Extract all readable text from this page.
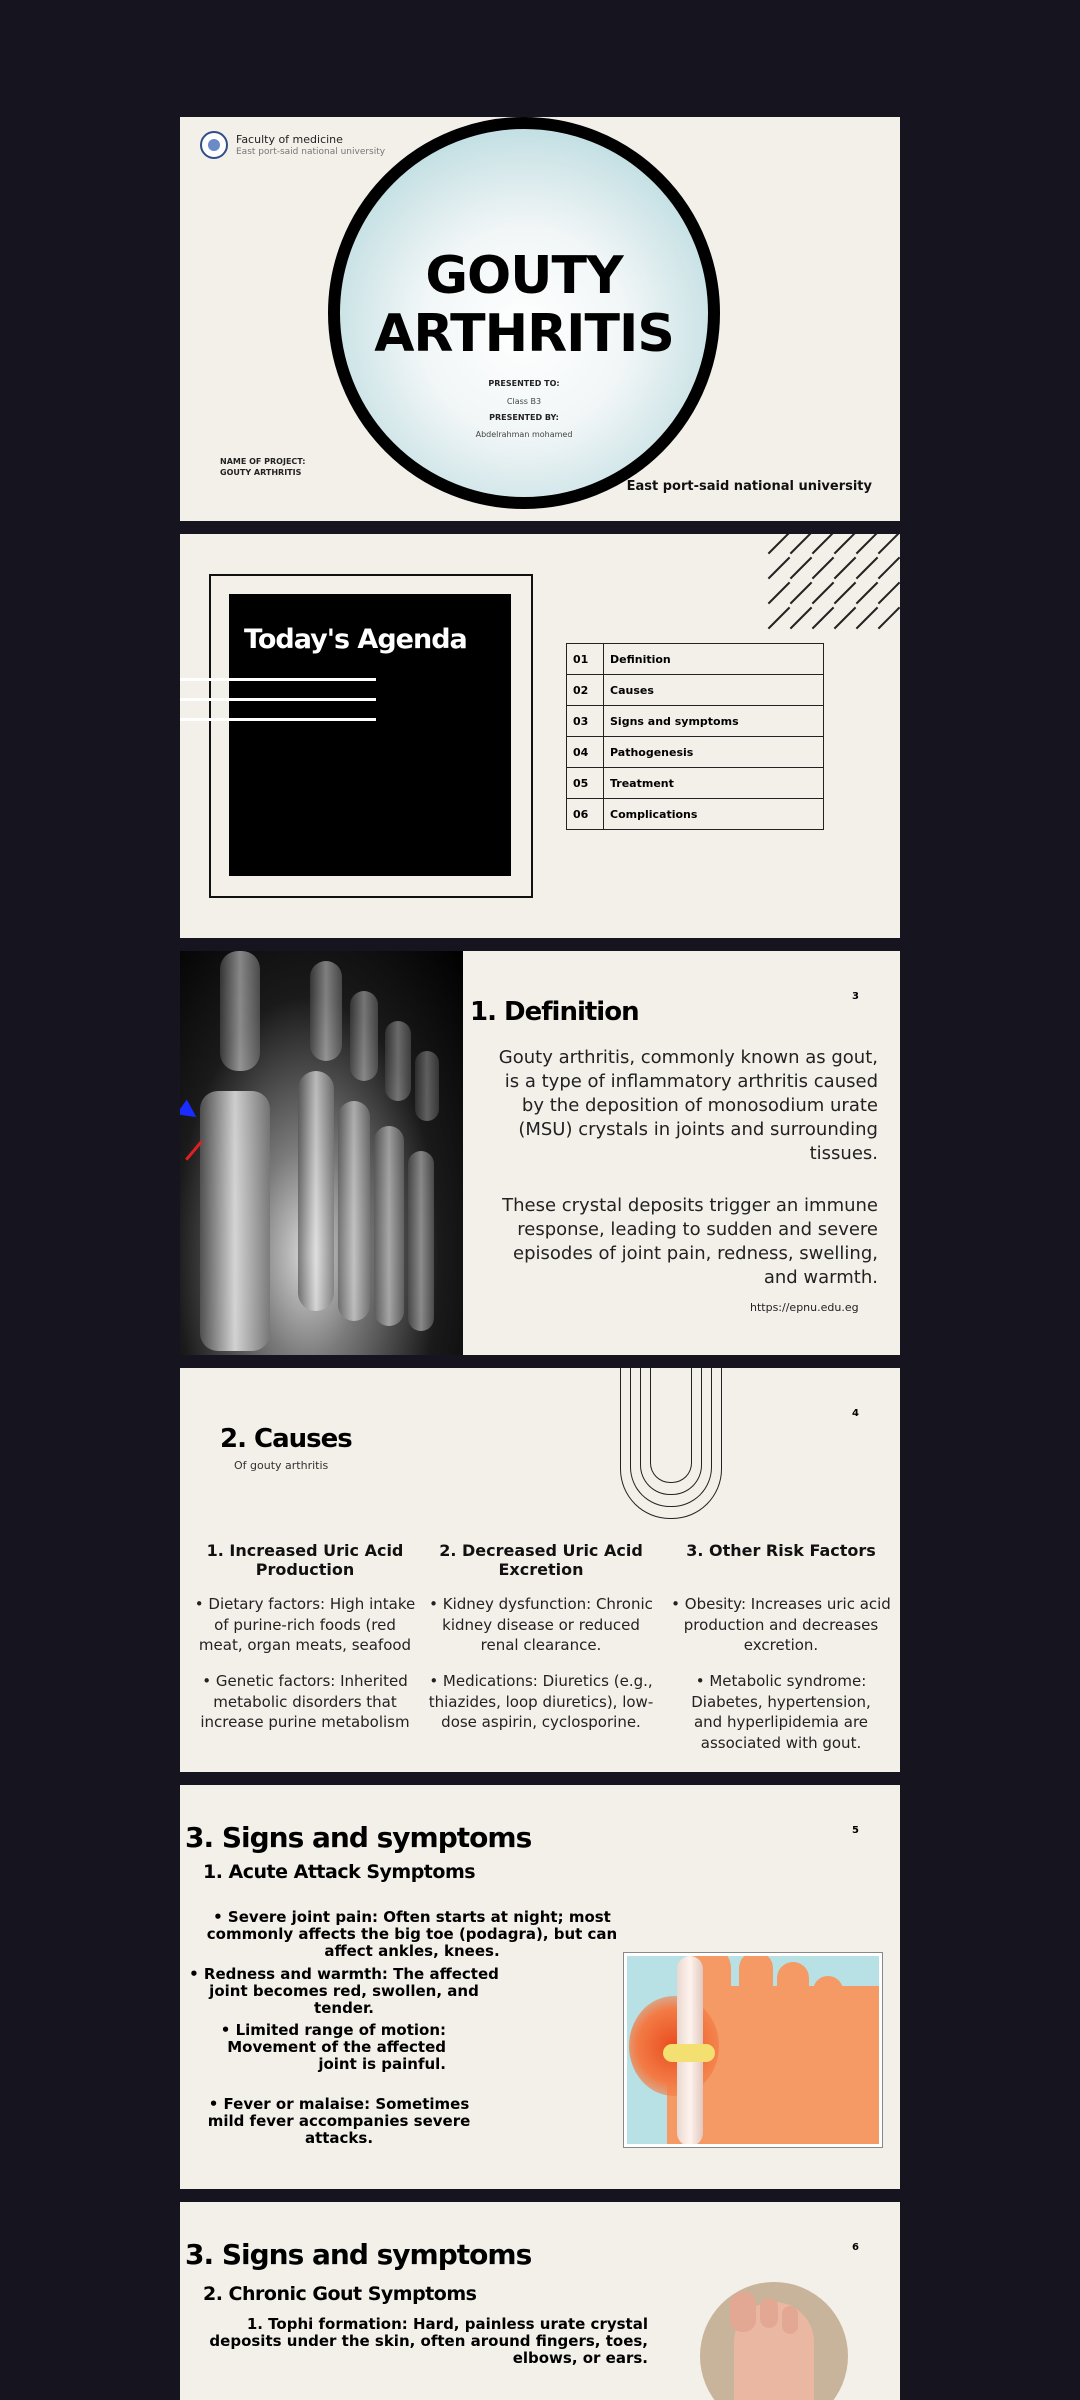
Faculty of medicine
East port-said national university
GOUTY
ARTHRITIS
PRESENTED TO:
Class B3
PRESENTED BY:
Abdelrahman mohamed
NAME OF PROJECT:
GOUTY ARTHRITIS
East port-said national university
Today's Agenda
01	Definition
02	Causes
03	Signs and symptoms
04	Pathogenesis
05	Treatment
06	Complications
3
1. Definition
Gouty arthritis, commonly known as gout, is a type of inflammatory arthritis caused by the deposition of monosodium urate (MSU) crystals in joints and surrounding tissues.
These crystal deposits trigger an immune response, leading to sudden and severe episodes of joint pain, redness, swelling, and warmth.
https://epnu.edu.eg
4
2. Causes
Of gouty arthritis
1. Increased Uric Acid Production
• Dietary factors: High intake of purine-rich foods (red meat, organ meats, seafood
• Genetic factors: Inherited metabolic disorders that increase purine metabolism
2. Decreased Uric Acid Excretion
• Kidney dysfunction: Chronic kidney disease or reduced renal clearance.
• Medications: Diuretics (e.g., thiazides, loop diuretics), low-dose aspirin, cyclosporine.
3. Other Risk Factors
• Obesity: Increases uric acid production and decreases excretion.
• Metabolic syndrome: Diabetes, hypertension, and hyperlipidemia are associated with gout.
5
3. Signs and symptoms
1. Acute Attack Symptoms
• Severe joint pain: Often starts at night; most commonly affects the big toe (podagra), but can affect ankles, knees.
• Redness and warmth: The affected joint becomes red, swollen, and tender.
• Limited range of motion: Movement of the affected joint is painful.
• Fever or malaise: Sometimes mild fever accompanies severe attacks.
6
3. Signs and symptoms
2. Chronic Gout Symptoms
1. Tophi formation: Hard, painless urate crystal deposits under the skin, often around fingers, toes, elbows, or ears.
